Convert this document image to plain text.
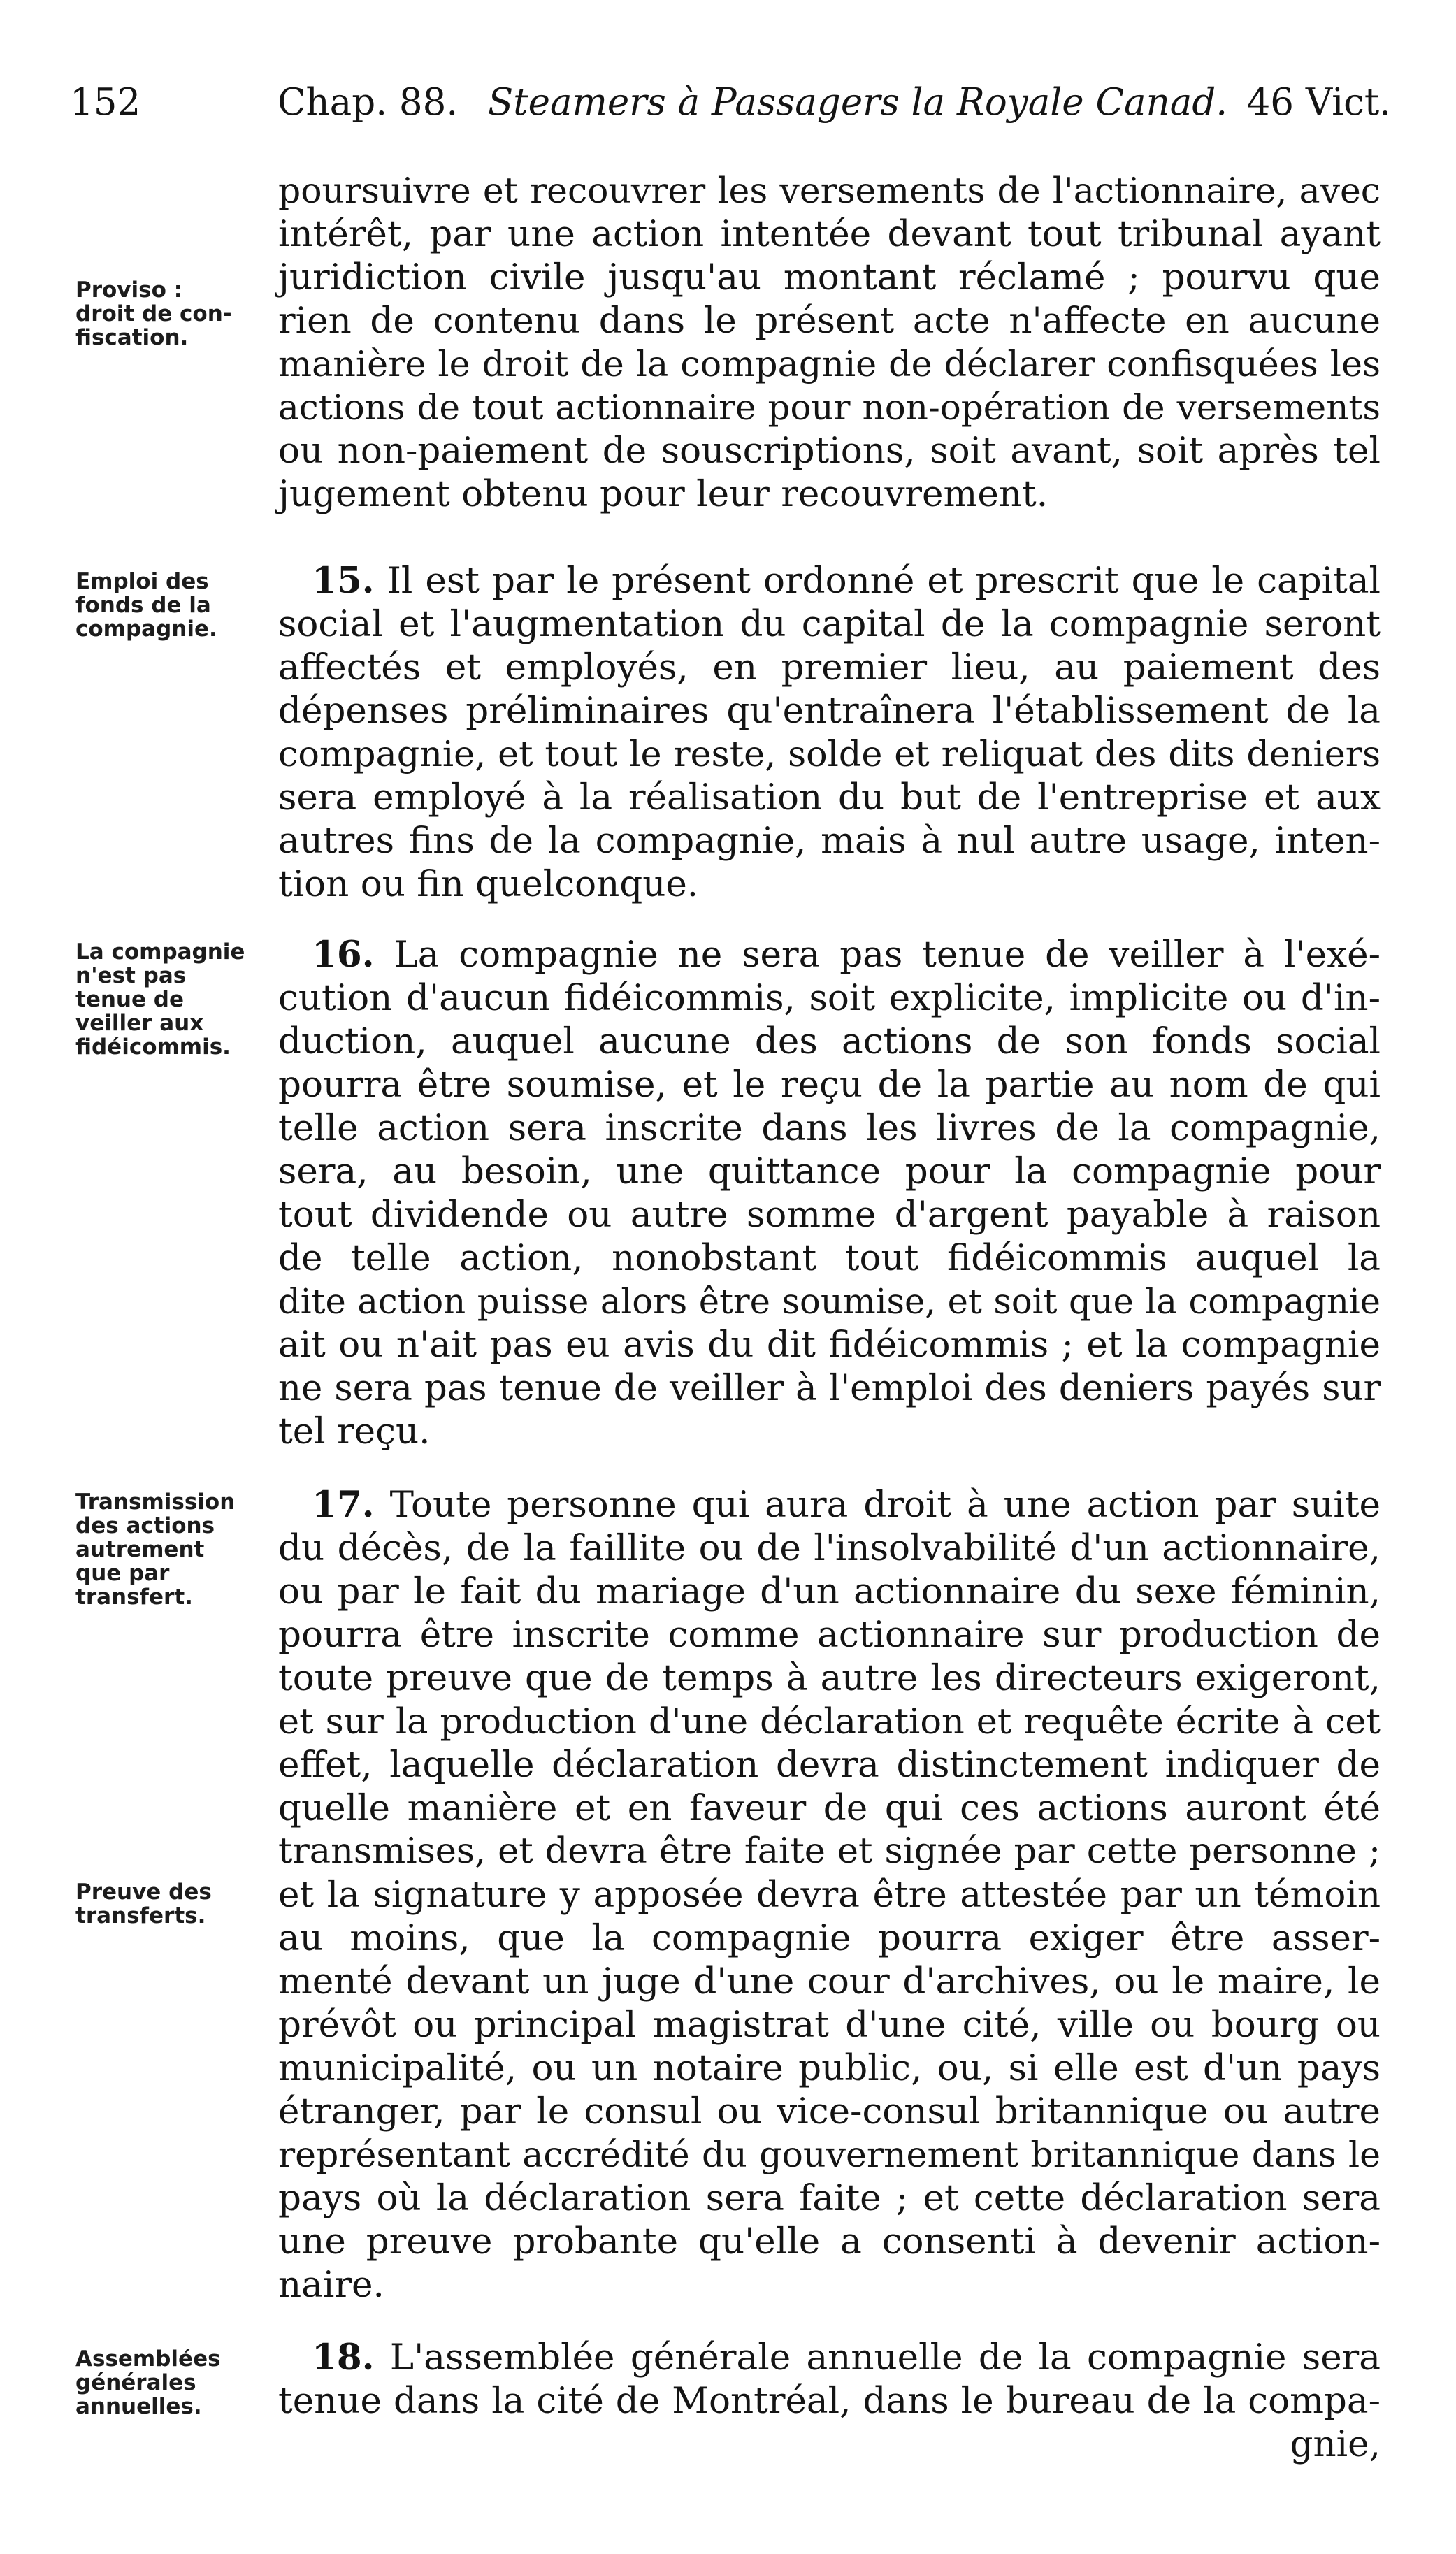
152	Chap. 88. Steamers à Passagers la Royale Canad. 46 Vict.
Proviso :
droit de con-
fiscation.
Emploi des
fonds de la
compagnie.
La compagnie
n'est pas
tenue de
veiller aux
fidéicommis.
Transmission
des actions
autrement
que par
transfert.
Preuve des
transferts.
Assemblées
générales
annuelles.
poursuivre et recouvrer les versements de l'actionnaire, avec
intérêt, par une action intentée devant tout tribunal ayant
juridiction civile jusqu'au montant réclamé ; pourvu que
rien de contenu dans le présent acte n'affecte en aucune
manière le droit de la compagnie de déclarer confisquées les
actions de tout actionnaire pour non-opération de versements
ou non-paiement de souscriptions, soit avant, soit après tel
jugement obtenu pour leur recouvrement.
15. Il est par le présent ordonné et prescrit que le capital
social et l'augmentation du capital de la compagnie seront
affectés et employés, en premier lieu, au paiement des
dépenses préliminaires qu'entraînera l'établissement de la
compagnie, et tout le reste, solde et reliquat des dits deniers
sera employé à la réalisation du but de l'entreprise et aux
autres fins de la compagnie, mais à nul autre usage, inten-
tion ou fin quelconque.
16. La compagnie ne sera pas tenue de veiller à l'exé-
cution d'aucun fidéicommis, soit explicite, implicite ou d'in-
duction, auquel aucune des actions de son fonds social
pourra être soumise, et le reçu de la partie au nom de qui
telle action sera inscrite dans les livres de la compagnie,
sera, au besoin, une quittance pour la compagnie pour
tout dividende ou autre somme d'argent payable à raison
de telle action, nonobstant tout fidéicommis auquel la
dite action puisse alors être soumise, et soit que la compagnie
ait ou n'ait pas eu avis du dit fidéicommis ; et la compagnie
ne sera pas tenue de veiller à l'emploi des deniers payés sur
tel reçu.
17. Toute personne qui aura droit à une action par suite
du décès, de la faillite ou de l'insolvabilité d'un actionnaire,
ou par le fait du mariage d'un actionnaire du sexe féminin,
pourra être inscrite comme actionnaire sur production de
toute preuve que de temps à autre les directeurs exigeront,
et sur la production d'une déclaration et requête écrite à cet
effet, laquelle déclaration devra distinctement indiquer de
quelle manière et en faveur de qui ces actions auront été
transmises, et devra être faite et signée par cette personne ;
et la signature y apposée devra être attestée par un témoin
au moins, que la compagnie pourra exiger être asser-
menté devant un juge d'une cour d'archives, ou le maire, le
prévôt ou principal magistrat d'une cité, ville ou bourg ou
municipalité, ou un notaire public, ou, si elle est d'un pays
étranger, par le consul ou vice-consul britannique ou autre
représentant accrédité du gouvernement britannique dans le
pays où la déclaration sera faite ; et cette déclaration sera
une preuve probante qu'elle a consenti à devenir action-
naire.
18. L'assemblée générale annuelle de la compagnie sera
tenue dans la cité de Montréal, dans le bureau de la compa-
gnie,
